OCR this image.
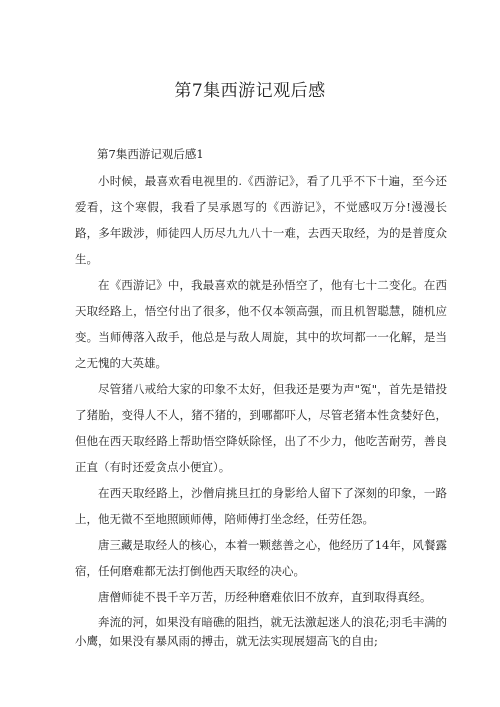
第7集西游记观后感

第7集西游记观后感1

小时候，最喜欢看电视里的.《西游记》，看了几乎不下十遍，至今还爱看，这个寒假，我看了吴承恩写的《西游记》，不觉感叹万分!漫漫长路，多年跋涉，师徒四人历尽九九八十一难，去西天取经，为的是普度众生。

在《西游记》中，我最喜欢的就是孙悟空了，他有七十二变化。在西天取经路上，悟空付出了很多，他不仅本领高强，而且机智聪慧，随机应变。当师傅落入敌手，他总是与敌人周旋，其中的坎坷都一一化解，是当之无愧的大英雄。

尽管猪八戒给大家的印象不太好，但我还是要为声"冤"，首先是错投了猪胎，变得人不人，猪不猪的，到哪都吓人，尽管老猪本性贪婪好色，但他在西天取经路上帮助悟空降妖除怪，出了不少力，他吃苦耐劳，善良正直（有时还爱贪点小便宜）。

在西天取经路上，沙僧肩挑旦扛的身影给人留下了深刻的印象，一路上，他无微不至地照顾师傅，陪师傅打坐念经，任劳任怨。

唐三藏是取经人的核心，本着一颗慈善之心，他经历了14年，风餐露宿，任何磨难都无法打倒他西天取经的决心。

唐僧师徒不畏千辛万苦，历经种磨难依旧不放弃，直到取得真经。

奔流的河，如果没有暗礁的阻挡，就无法激起迷人的浪花;羽毛丰满的小鹰，如果没有暴风雨的搏击，就无法实现展翅高飞的自由;
